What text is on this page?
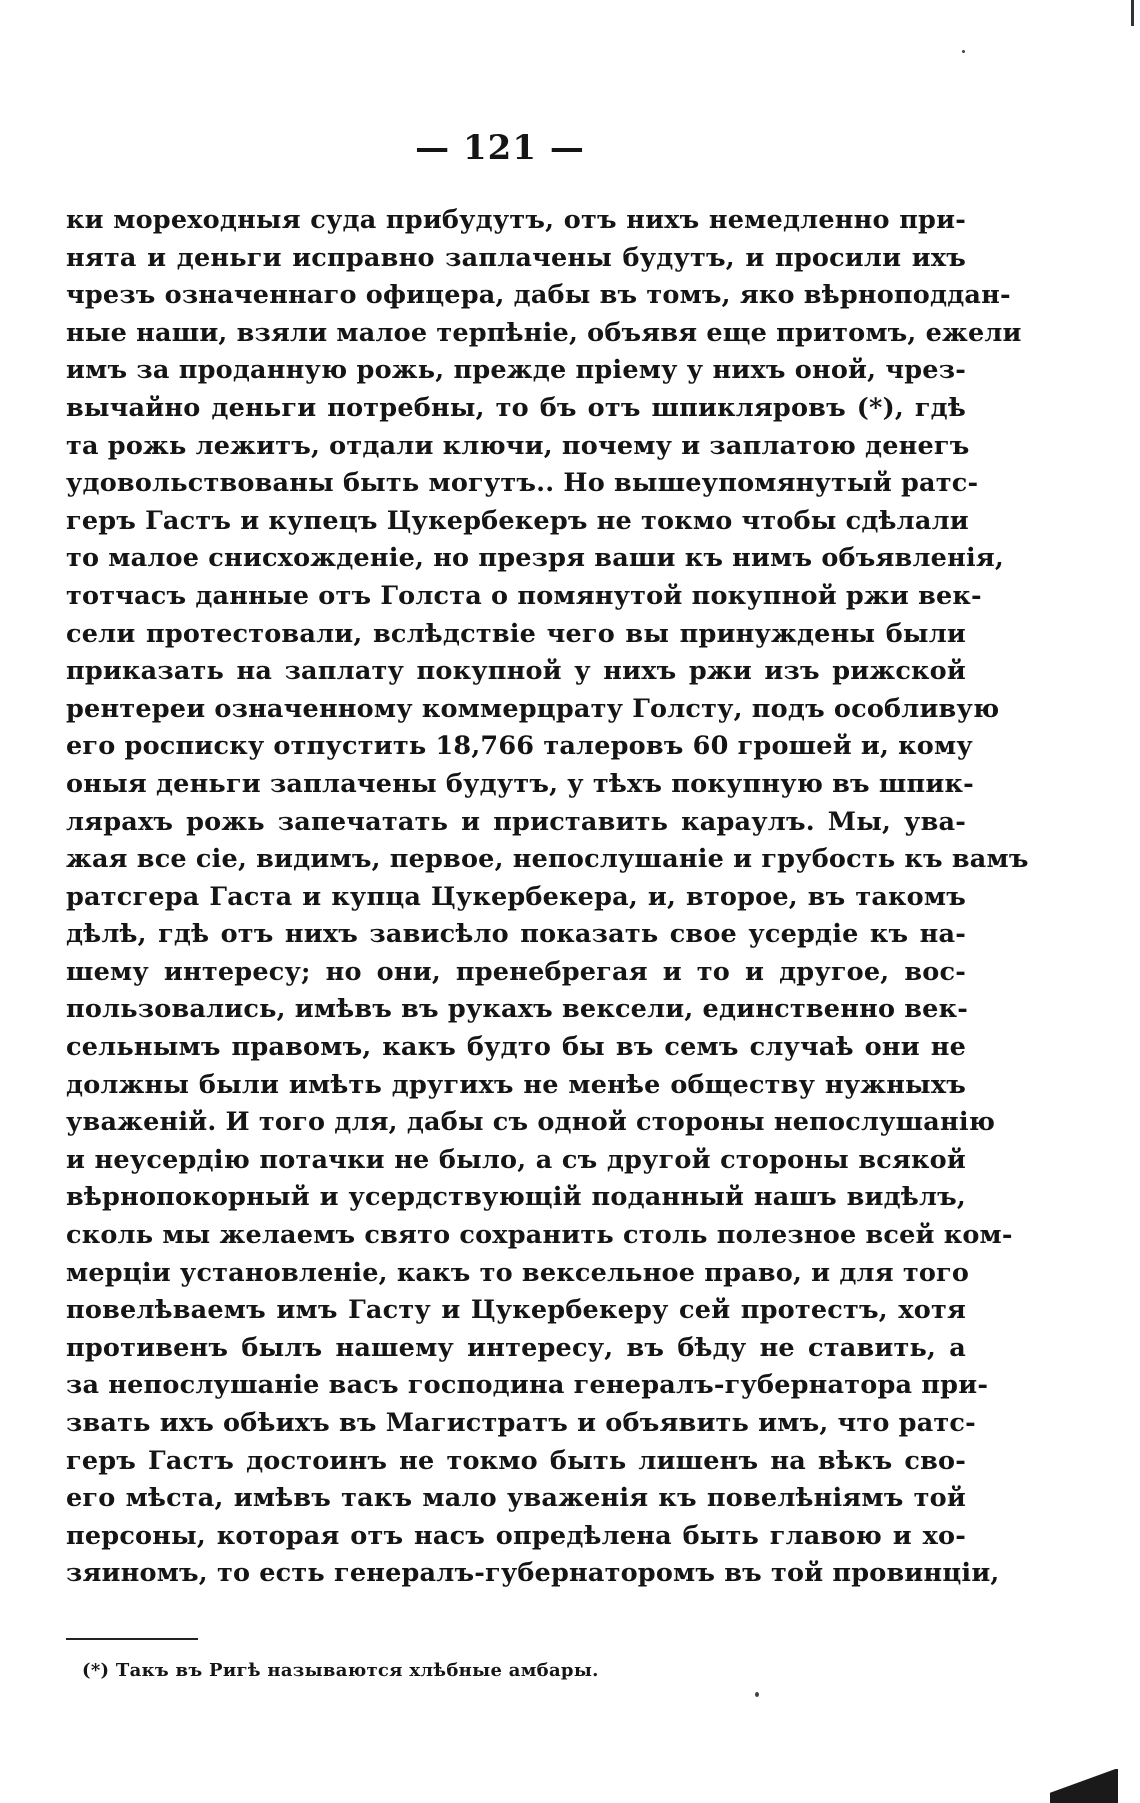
— 121 —
ки мореходныя суда прибудутъ, отъ нихъ немедленно при-
нята и деньги исправно заплачены будутъ, и просили ихъ
чрезъ означеннаго офицера, дабы въ томъ, яко вѣрноподдан-
ные наши, взяли малое терпѣніе, объявя еще притомъ, ежели
имъ за проданную рожь, прежде пріему у нихъ оной, чрез-
вычайно деньги потребны, то бъ отъ шпикляровъ (*), гдѣ
та рожь лежитъ, отдали ключи, почему и заплатою денегъ
удовольствованы быть могутъ.. Но вышеупомянутый ратс-
геръ Гастъ и купецъ Цукербекеръ не токмо чтобы сдѣлали
то малое снисхожденіе, но презря ваши къ нимъ объявленія,
тотчасъ данные отъ Голста о помянутой покупной ржи век-
сели протестовали, вслѣдствіе чего вы принуждены были
приказать на заплату покупной у нихъ ржи изъ рижской
рентереи означенному коммерцрату Голсту, подъ особливую
его росписку отпустить 18,766 талеровъ 60 грошей и, кому
оныя деньги заплачены будутъ, у тѣхъ покупную въ шпик-
лярахъ рожь запечатать и приставить караулъ. Мы, ува-
жая все сіе, видимъ, первое, непослушаніе и грубость къ вамъ
ратсгера Гаста и купца Цукербекера, и, второе, въ такомъ
дѣлѣ, гдѣ отъ нихъ зависѣло показать свое усердіе къ на-
шему интересу; но они, пренебрегая и то и другое, вос-
пользовались, имѣвъ въ рукахъ вексели, единственно век-
сельнымъ правомъ, какъ будто бы въ семъ случаѣ они не
должны были имѣть другихъ не менѣе обществу нужныхъ
уваженій. И того для, дабы съ одной стороны непослушанію
и неусердію потачки не было, а съ другой стороны всякой
вѣрнопокорный и усердствующій поданный нашъ видѣлъ,
сколь мы желаемъ свято сохранить столь полезное всей ком-
мерціи установленіе, какъ то вексельное право, и для того
повелѣваемъ имъ Гасту и Цукербекеру сей протестъ, хотя
противенъ былъ нашему интересу, въ бѣду не ставить, а
за непослушаніе васъ господина генералъ-губернатора при-
звать ихъ обѣихъ въ Магистратъ и объявить имъ, что ратс-
геръ Гастъ достоинъ не токмо быть лишенъ на вѣкъ сво-
его мѣста, имѣвъ такъ мало уваженія къ повелѣніямъ той
персоны, которая отъ насъ опредѣлена быть главою и хо-
зяиномъ, то есть генералъ-губернаторомъ въ той провинціи,
(*) Такъ въ Ригѣ называются хлѣбные амбары.
